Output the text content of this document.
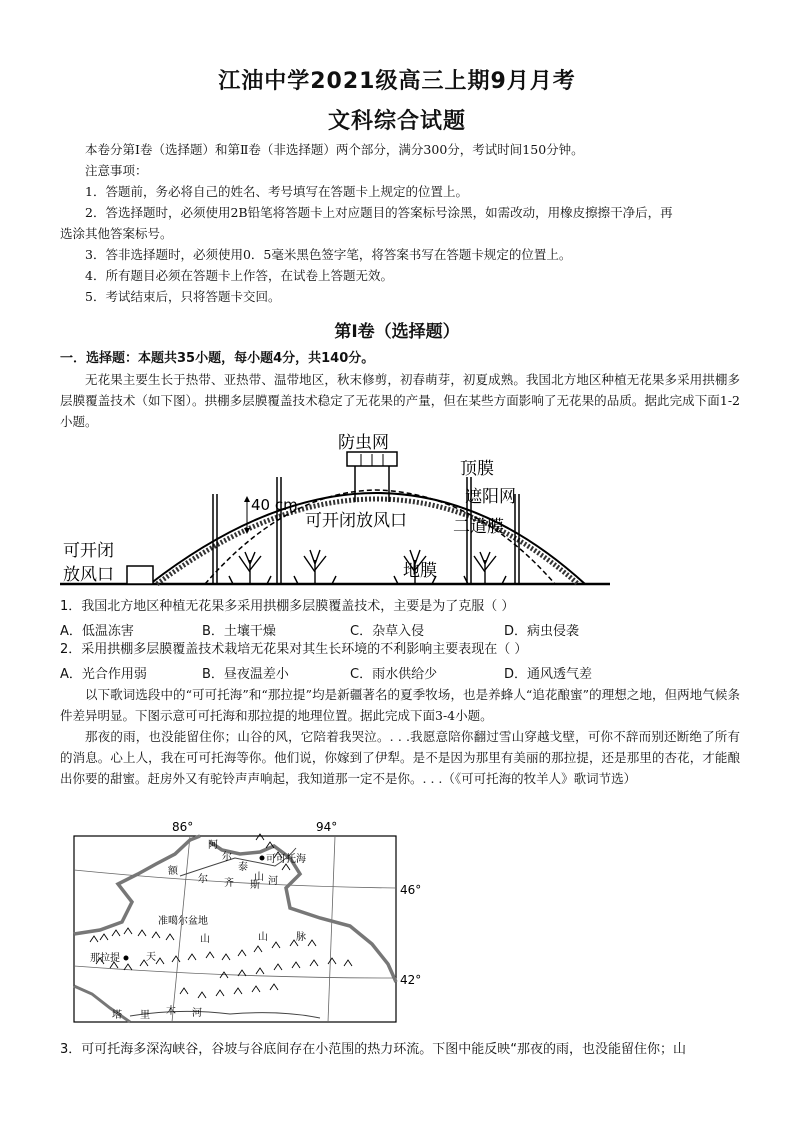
江油中学2021级高三上期9月月考
文科综合试题
本卷分第Ⅰ卷（选择题）和第Ⅱ卷（非选择题）两个部分，满分300分，考试时间150分钟。
注意事项：
1．答题前，务必将自己的姓名、考号填写在答题卡上规定的位置上。
2．答选择题时，必须使用2B铅笔将答题卡上对应题目的答案标号涂黑，如需改动，用橡皮擦擦干净后，再
选涂其他答案标号。
3．答非选择题时，必须使用0．5毫米黑色签字笔，将答案书写在答题卡规定的位置上。
4．所有题目必须在答题卡上作答，在试卷上答题无效。
5．考试结束后，只将答题卡交回。
第Ⅰ卷（选择题）
一．选择题：本题共35小题，每小题4分，共140分。
无花果主要生长于热带、亚热带、温带地区，秋末修剪，初春萌芽，初夏成熟。我国北方地区种植无花果多采用拱棚多层膜覆盖技术（如下图）。拱棚多层膜覆盖技术稳定了无花果的产量，但在某些方面影响了无花果的品质。据此完成下面1-2小题。
防虫网
顶膜
遮阳网
二道膜
40 cm
可开闭放风口
可开闭
放风口	地膜
1．我国北方地区种植无花果多采用拱棚多层膜覆盖技术，主要是为了克服（ ）
A．低温冻害	B．土壤干燥	C．杂草入侵	D．病虫侵袭
2．采用拱棚多层膜覆盖技术栽培无花果对其生长环境的不利影响主要表现在（ ）
A．光合作用弱	B．昼夜温差小	C．雨水供给少	D．通风透气差
以下歌词选段中的“可可托海”和“那拉提”均是新疆著名的夏季牧场，也是养蜂人“追花酿蜜”的理想之地，但两地气候条件差异明显。下图示意可可托海和那拉提的地理位置。据此完成下面3-4小题。
那夜的雨，也没能留住你；山谷的风，它陪着我哭泣。. . .我愿意陪你翻过雪山穿越戈壁，可你不辞而别还断绝了所有的消息。心上人，我在可可托海等你。他们说，你嫁到了伊犁。是不是因为那里有美丽的那拉提，还是那里的杏花，才能酿出你要的甜蜜。赶房外又有驼铃声声响起，我知道那一定不是你。. . .（《可可托海的牧羊人》歌词节选）
86°	94°
46°
42°
阿
尔
泰
山
可可托海
额
尔 齐 斯 河
准噶尔盆地
天
山	山	脉
那拉提
塔 里 木 河
3．可可托海多深沟峡谷，谷坡与谷底间存在小范围的热力环流。下图中能反映“那夜的雨，也没能留住你；山
